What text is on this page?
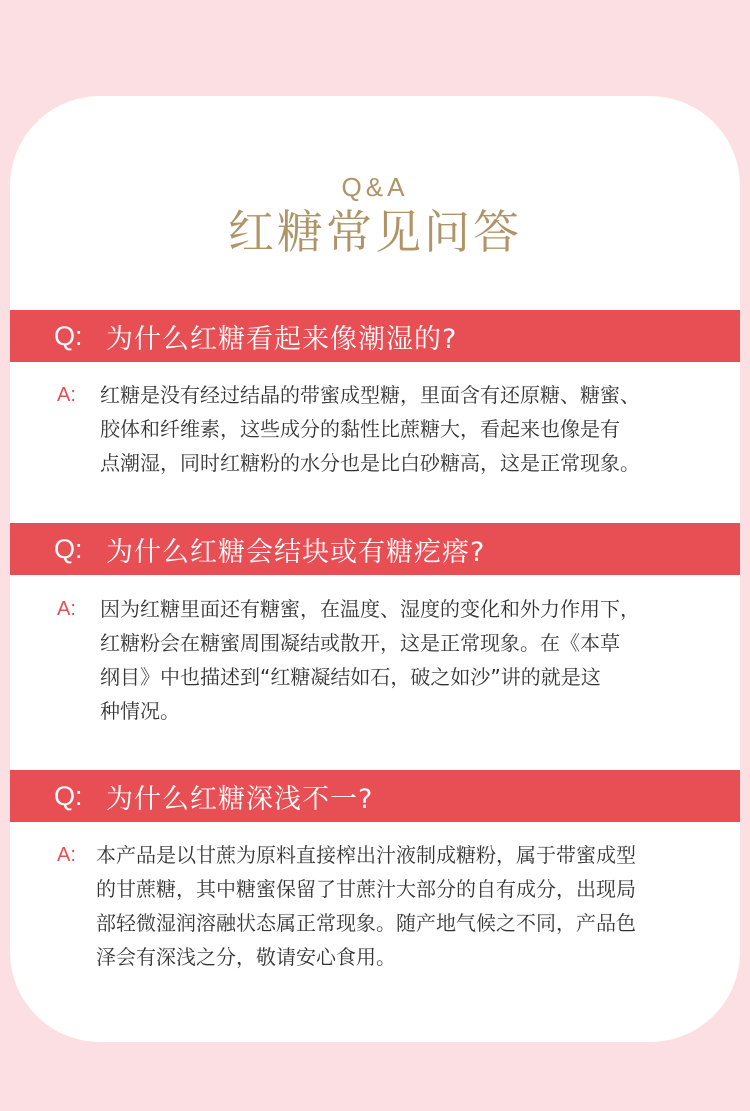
Q&A
红糖常见问答
Q: 为什么红糖看起来像潮湿的?
A: 红糖是没有经过结晶的带蜜成型糖，里面含有还原糖、糖蜜、
胶体和纤维素，这些成分的黏性比蔗糖大，看起来也像是有
点潮湿，同时红糖粉的水分也是比白砂糖高，这是正常现象。
Q: 为什么红糖会结块或有糖疙瘩?
A: 因为红糖里面还有糖蜜，在温度、湿度的变化和外力作用下，
红糖粉会在糖蜜周围凝结或散开，这是正常现象。在《本草
纲目》中也描述到“红糖凝结如石，破之如沙”讲的就是这
种情况。
Q: 为什么红糖深浅不一?
A: 本产品是以甘蔗为原料直接榨出汁液制成糖粉，属于带蜜成型
的甘蔗糖，其中糖蜜保留了甘蔗汁大部分的自有成分，出现局
部轻微湿润溶融状态属正常现象。随产地气候之不同，产品色
泽会有深浅之分，敬请安心食用。
